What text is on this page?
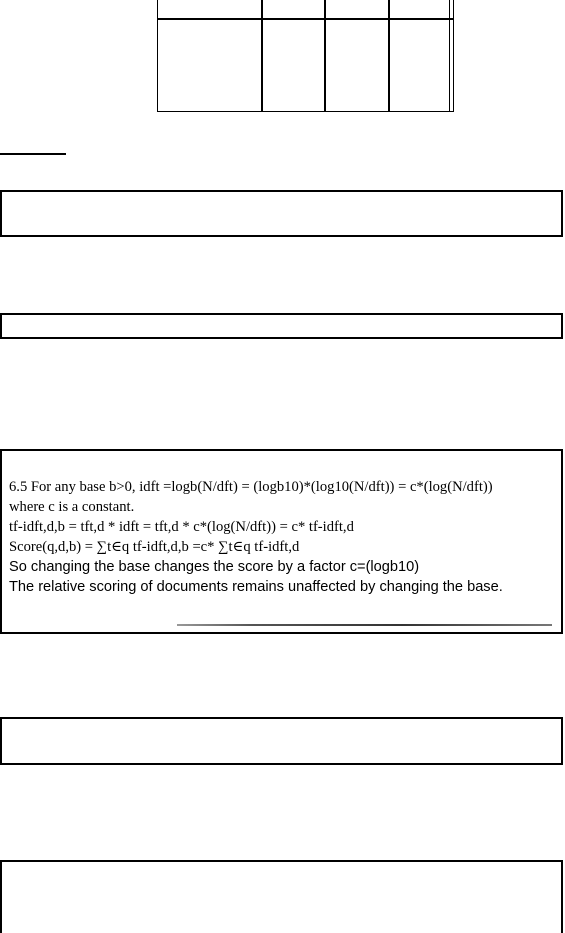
6.5 For any base b>0, idft =logb(N/dft) = (logb10)*(log10(N/dft)) = c*(log(N/dft))
where c is a constant.
tf-idft,d,b = tft,d * idft = tft,d * c*(log(N/dft)) = c* tf-idft,d
Score(q,d,b) = ∑t∈q tf-idft,d,b =c* ∑t∈q tf-idft,d
So changing the base changes the score by a factor c=(logb10)
The relative scoring of documents remains unaffected by changing the base.
